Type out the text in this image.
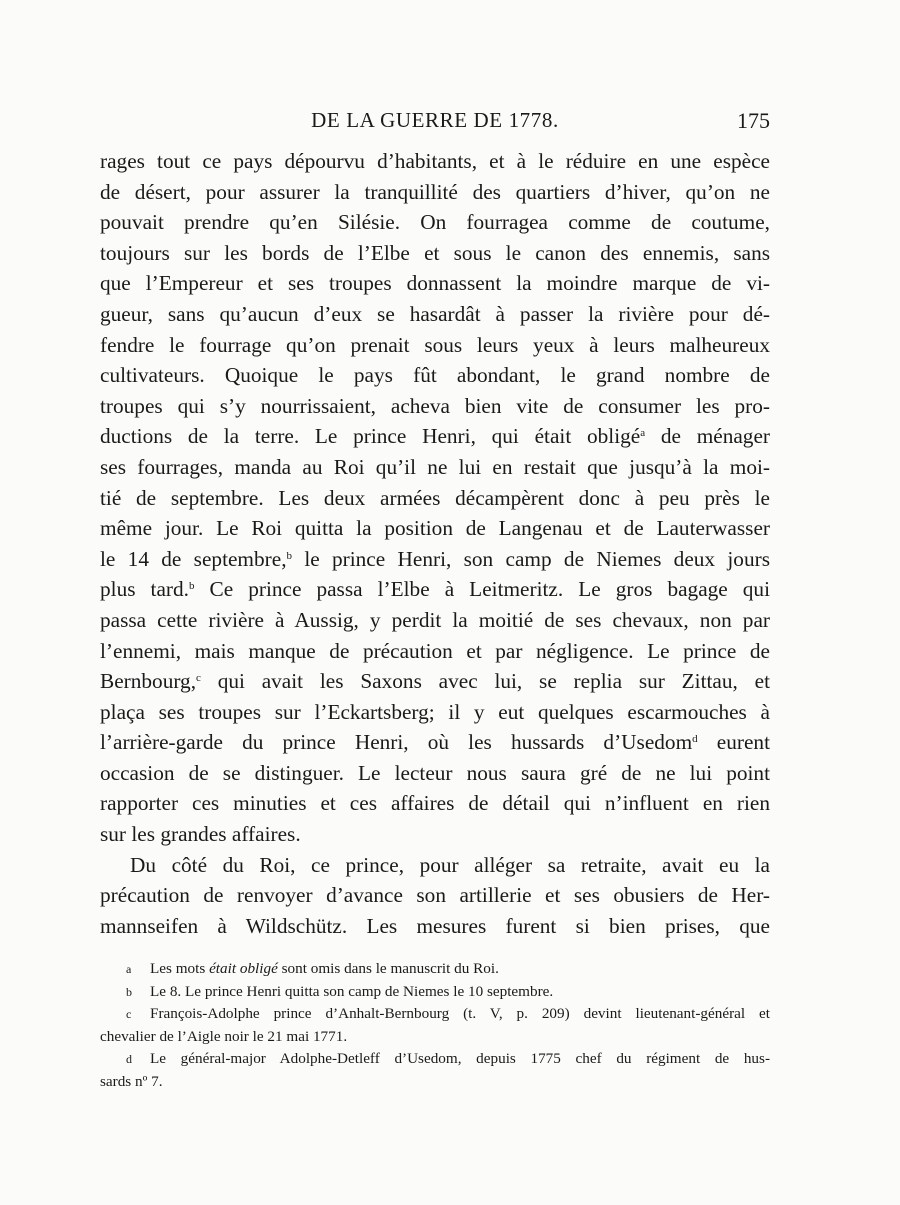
DE LA GUERRE DE 1778.	175
rages tout ce pays dépourvu d’habitants, et à le réduire en une espèce
de désert, pour assurer la tranquillité des quartiers d’hiver, qu’on ne
pouvait prendre qu’en Silésie. On fourragea comme de coutume,
toujours sur les bords de l’Elbe et sous le canon des ennemis, sans
que l’Empereur et ses troupes donnassent la moindre marque de vi-
gueur, sans qu’aucun d’eux se hasardât à passer la rivière pour dé-
fendre le fourrage qu’on prenait sous leurs yeux à leurs malheureux
cultivateurs. Quoique le pays fût abondant, le grand nombre de
troupes qui s’y nourrissaient, acheva bien vite de consumer les pro-
ductions de la terre. Le prince Henri, qui était obligé$^a$ de ménager
ses fourrages, manda au Roi qu’il ne lui en restait que jusqu’à la moi-
tié de septembre. Les deux armées décampèrent donc à peu près le
même jour. Le Roi quitta la position de Langenau et de Lauterwasser
le 14 de septembre,$^b$ le prince Henri, son camp de Niemes deux jours
plus tard.$^b$ Ce prince passa l’Elbe à Leitmeritz. Le gros bagage qui
passa cette rivière à Aussig, y perdit la moitié de ses chevaux, non par
l’ennemi, mais manque de précaution et par négligence. Le prince de
Bernbourg,$^c$ qui avait les Saxons avec lui, se replia sur Zittau, et
plaça ses troupes sur l’Eckartsberg; il y eut quelques escarmouches à
l’arrière-garde du prince Henri, où les hussards d’Usedom$^d$ eurent
occasion de se distinguer. Le lecteur nous saura gré de ne lui point
rapporter ces minuties et ces affaires de détail qui n’influent en rien
sur les grandes affaires.
Du côté du Roi, ce prince, pour alléger sa retraite, avait eu la
précaution de renvoyer d’avance son artillerie et ses obusiers de Her-
mannseifen à Wildschütz. Les mesures furent si bien prises, que
a Les mots était obligé sont omis dans le manuscrit du Roi.
b Le 8. Le prince Henri quitta son camp de Niemes le 10 septembre.
c François-Adolphe prince d’Anhalt-Bernbourg (t. V, p. 209) devint lieutenant-général et
chevalier de l’Aigle noir le 21 mai 1771.
d Le général-major Adolphe-Detleff d’Usedom, depuis 1775 chef du régiment de hus-
sards nº 7.
